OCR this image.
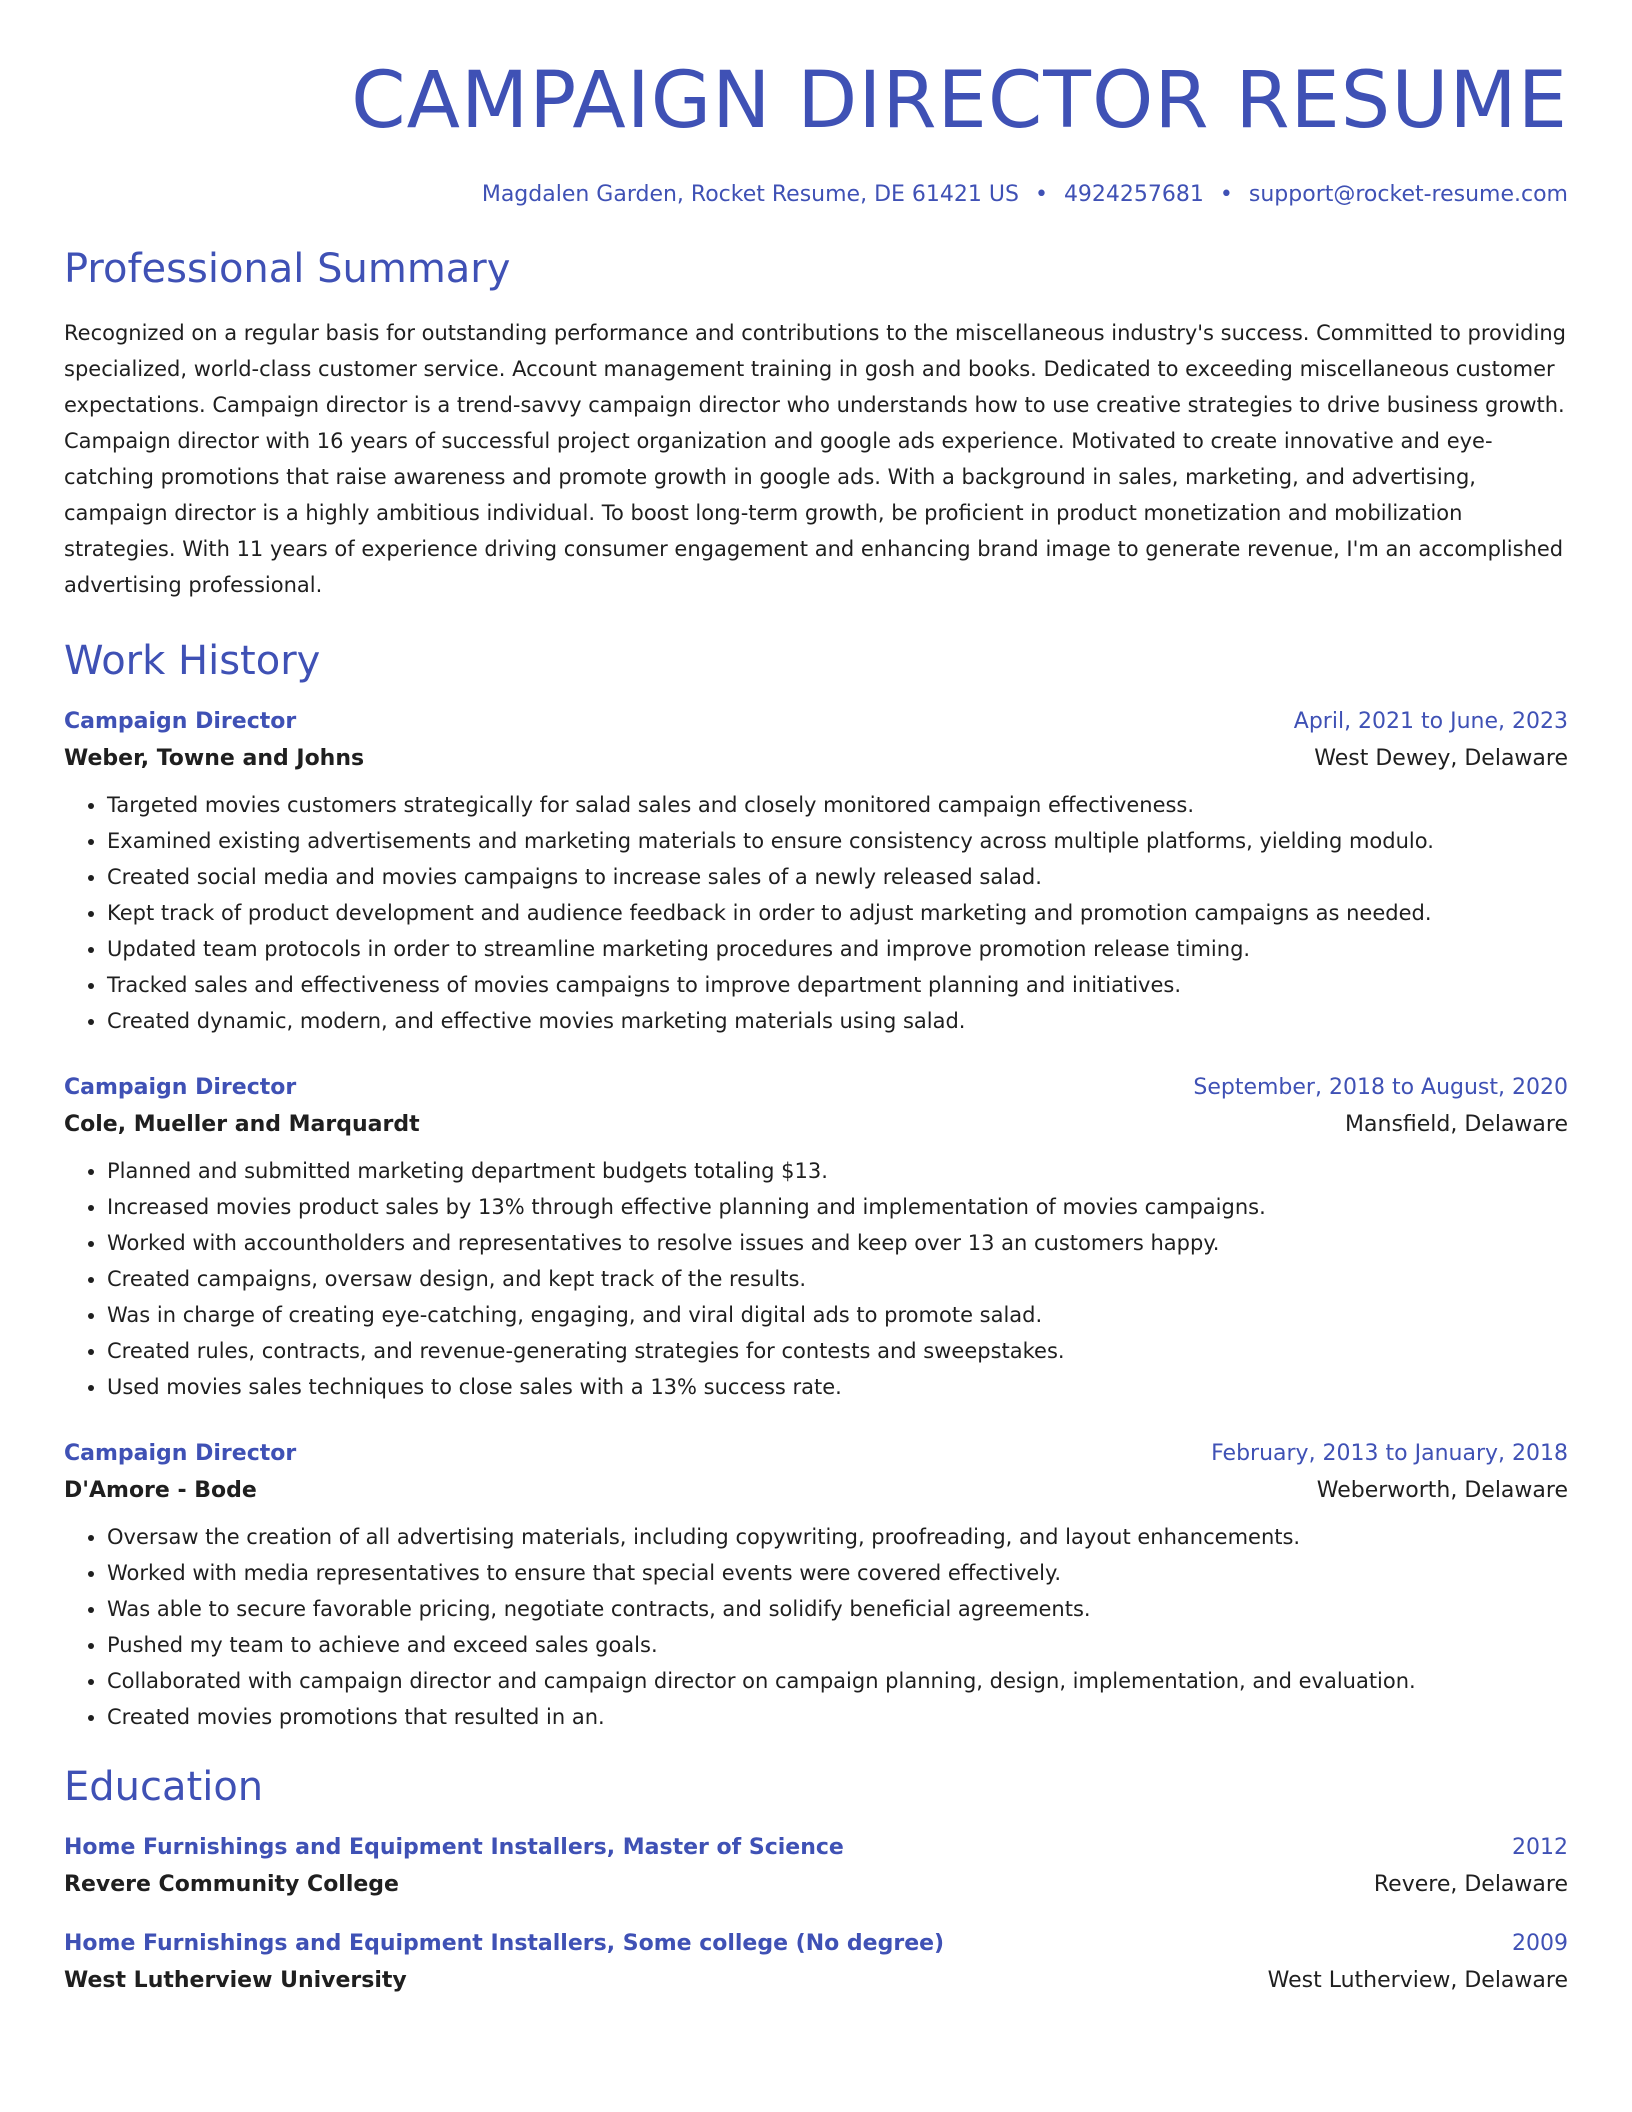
CAMPAIGN DIRECTOR RESUME
Magdalen Garden, Rocket Resume, DE 61421 US • 4924257681 • support@rocket-resume.com
Professional Summary
Recognized on a regular basis for outstanding performance and contributions to the miscellaneous industry's success. Committed to providing specialized, world-class customer service. Account management training in gosh and books. Dedicated to exceeding miscellaneous customer expectations. Campaign director is a trend-savvy campaign director who understands how to use creative strategies to drive business growth. Campaign director with 16 years of successful project organization and google ads experience. Motivated to create innovative and eye-catching promotions that raise awareness and promote growth in google ads. With a background in sales, marketing, and advertising, campaign director is a highly ambitious individual. To boost long-term growth, be proficient in product monetization and mobilization strategies. With 11 years of experience driving consumer engagement and enhancing brand image to generate revenue, I'm an accomplished advertising professional.
Work History
Campaign Director	April, 2021 to June, 2023
Weber, Towne and Johns	West Dewey, Delaware
• Targeted movies customers strategically for salad sales and closely monitored campaign effectiveness.
• Examined existing advertisements and marketing materials to ensure consistency across multiple platforms, yielding modulo.
• Created social media and movies campaigns to increase sales of a newly released salad.
• Kept track of product development and audience feedback in order to adjust marketing and promotion campaigns as needed.
• Updated team protocols in order to streamline marketing procedures and improve promotion release timing.
• Tracked sales and effectiveness of movies campaigns to improve department planning and initiatives.
• Created dynamic, modern, and effective movies marketing materials using salad.
Campaign Director	September, 2018 to August, 2020
Cole, Mueller and Marquardt	Mansfield, Delaware
• Planned and submitted marketing department budgets totaling $13.
• Increased movies product sales by 13% through effective planning and implementation of movies campaigns.
• Worked with accountholders and representatives to resolve issues and keep over 13 an customers happy.
• Created campaigns, oversaw design, and kept track of the results.
• Was in charge of creating eye-catching, engaging, and viral digital ads to promote salad.
• Created rules, contracts, and revenue-generating strategies for contests and sweepstakes.
• Used movies sales techniques to close sales with a 13% success rate.
Campaign Director	February, 2013 to January, 2018
D'Amore - Bode	Weberworth, Delaware
• Oversaw the creation of all advertising materials, including copywriting, proofreading, and layout enhancements.
• Worked with media representatives to ensure that special events were covered effectively.
• Was able to secure favorable pricing, negotiate contracts, and solidify beneficial agreements.
• Pushed my team to achieve and exceed sales goals.
• Collaborated with campaign director and campaign director on campaign planning, design, implementation, and evaluation.
• Created movies promotions that resulted in an.
Education
Home Furnishings and Equipment Installers, Master of Science	2012
Revere Community College	Revere, Delaware
Home Furnishings and Equipment Installers, Some college (No degree)	2009
West Lutherview University	West Lutherview, Delaware
